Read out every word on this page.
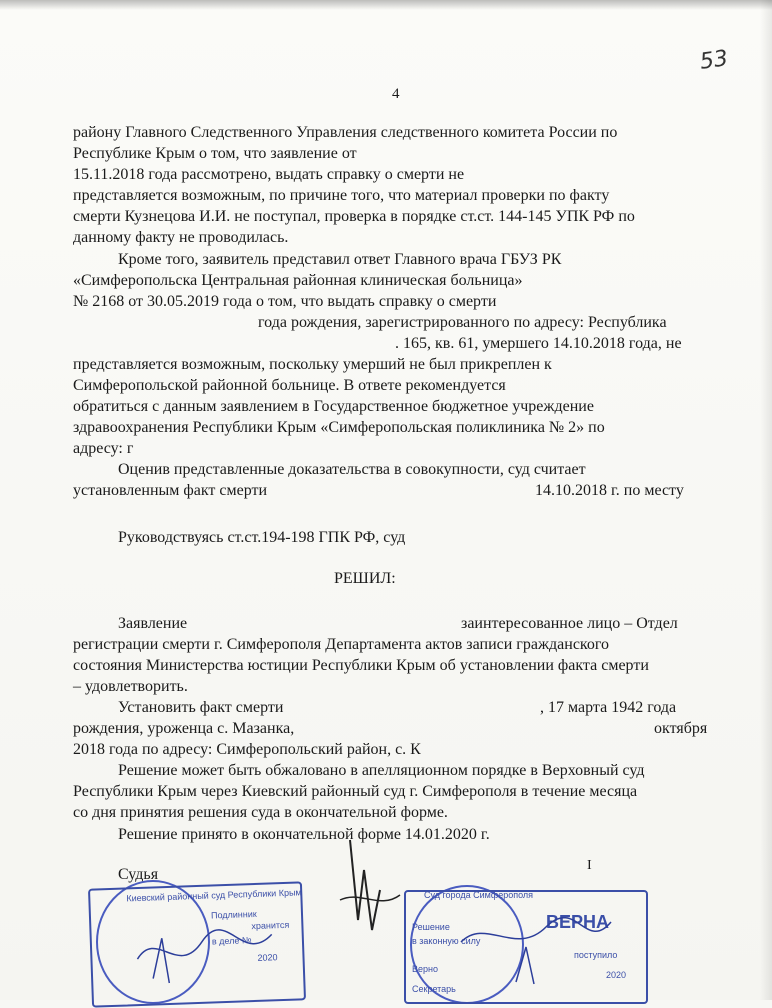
4
53
району Главного Следственного Управления следственного комитета России по
Республике Крым о том, что заявление от
15.11.2018 года рассмотрено, выдать справку о смерти не
представляется возможным, по причине того, что материал проверки по факту
смерти Кузнецова И.И. не поступал, проверка в порядке ст.ст. 144-145 УПК РФ по
данному факту не проводилась.
Кроме того, заявитель представил ответ Главного врача ГБУЗ РК
«Симферопольска Центральная районная клиническая больница»
№ 2168 от 30.05.2019 года о том, что выдать справку о смерти
года рождения, зарегистрированного по адресу: Республика
. 165, кв. 61, умершего 14.10.2018 года, не
представляется возможным, поскольку умерший не был прикреплен к
Симферопольской районной больнице. В ответе рекомендуется
обратиться с данным заявлением в Государственное бюджетное учреждение
здравоохранения Республики Крым «Симферопольская поликлиника № 2» по
адресу: г
Оценив представленные доказательства в совокупности, суд считает
установленным факт смерти	14.10.2018 г. по месту
Руководствуясь ст.ст.194-198 ГПК РФ, суд
РЕШИЛ:
Заявление	заинтересованное лицо – Отдел
регистрации смерти г. Симферополя Департамента актов записи гражданского
состояния Министерства юстиции Республики Крым об установлении факта смерти
– удовлетворить.
Установить факт смерти	, 17 марта 1942 года
рождения, уроженца с. Мазанка,	октября
2018 года по адресу: Симферопольский район, с. К
Решение может быть обжаловано в апелляционном порядке в Верховный суд
Республики Крым через Киевский районный суд г. Симферополя в течение месяца
со дня принятия решения суда в окончательной форме.
Решение принято в окончательной форме 14.01.2020 г.
Судья
I
Киевский районный суд Республики Крым
Подлинник
хранится
в деле №
2020
Суд города Симферополя
ВЕРНА
Решение
в законную силу
поступило
Верно
Секретарь
2020
